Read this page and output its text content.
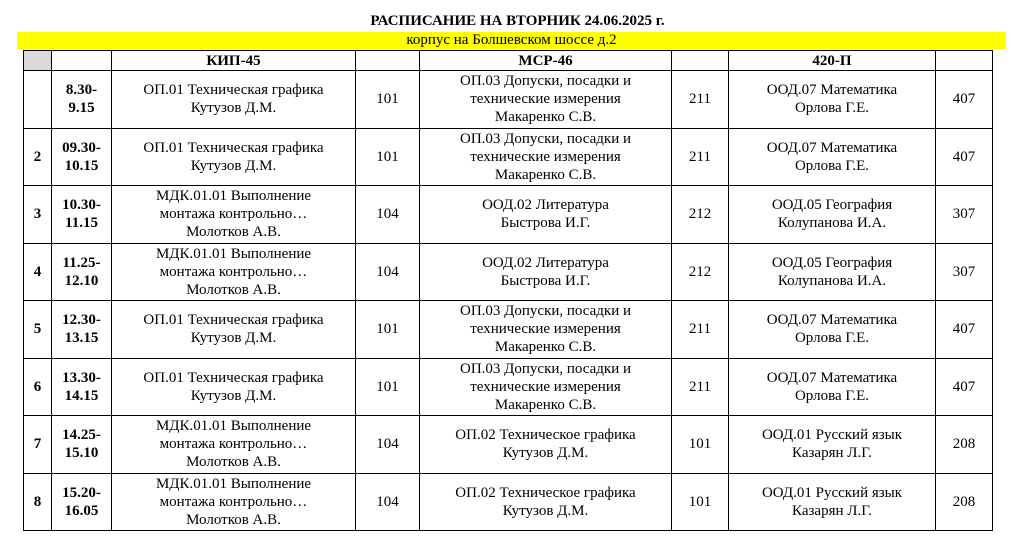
РАСПИСАНИЕ НА ВТОРНИК 24.06.2025 г.
корпус на Болшевском шоссе д.2
		КИП-45		МСР-46		420-П	
	8.30-
9.15	ОП.01 Техническая графика
Кутузов Д.М.	101	ОП.03 Допуски, посадки и
технические измерения
Макаренко С.В.	211	ООД.07 Математика
Орлова Г.Е.	407
2	09.30-
10.15	ОП.01 Техническая графика
Кутузов Д.М.	101	ОП.03 Допуски, посадки и
технические измерения
Макаренко С.В.	211	ООД.07 Математика
Орлова Г.Е.	407
3	10.30-
11.15	МДК.01.01 Выполнение
монтажа контрольно…
Молотков А.В.	104	ООД.02 Литература
Быстрова И.Г.	212	ООД.05 География
Колупанова И.А.	307
4	11.25-
12.10	МДК.01.01 Выполнение
монтажа контрольно…
Молотков А.В.	104	ООД.02 Литература
Быстрова И.Г.	212	ООД.05 География
Колупанова И.А.	307
5	12.30-
13.15	ОП.01 Техническая графика
Кутузов Д.М.	101	ОП.03 Допуски, посадки и
технические измерения
Макаренко С.В.	211	ООД.07 Математика
Орлова Г.Е.	407
6	13.30-
14.15	ОП.01 Техническая графика
Кутузов Д.М.	101	ОП.03 Допуски, посадки и
технические измерения
Макаренко С.В.	211	ООД.07 Математика
Орлова Г.Е.	407
7	14.25-
15.10	МДК.01.01 Выполнение
монтажа контрольно…
Молотков А.В.	104	ОП.02 Техническое графика
Кутузов Д.М.	101	ООД.01 Русский язык
Казарян Л.Г.	208
8	15.20-
16.05	МДК.01.01 Выполнение
монтажа контрольно…
Молотков А.В.	104	ОП.02 Техническое графика
Кутузов Д.М.	101	ООД.01 Русский язык
Казарян Л.Г.	208
